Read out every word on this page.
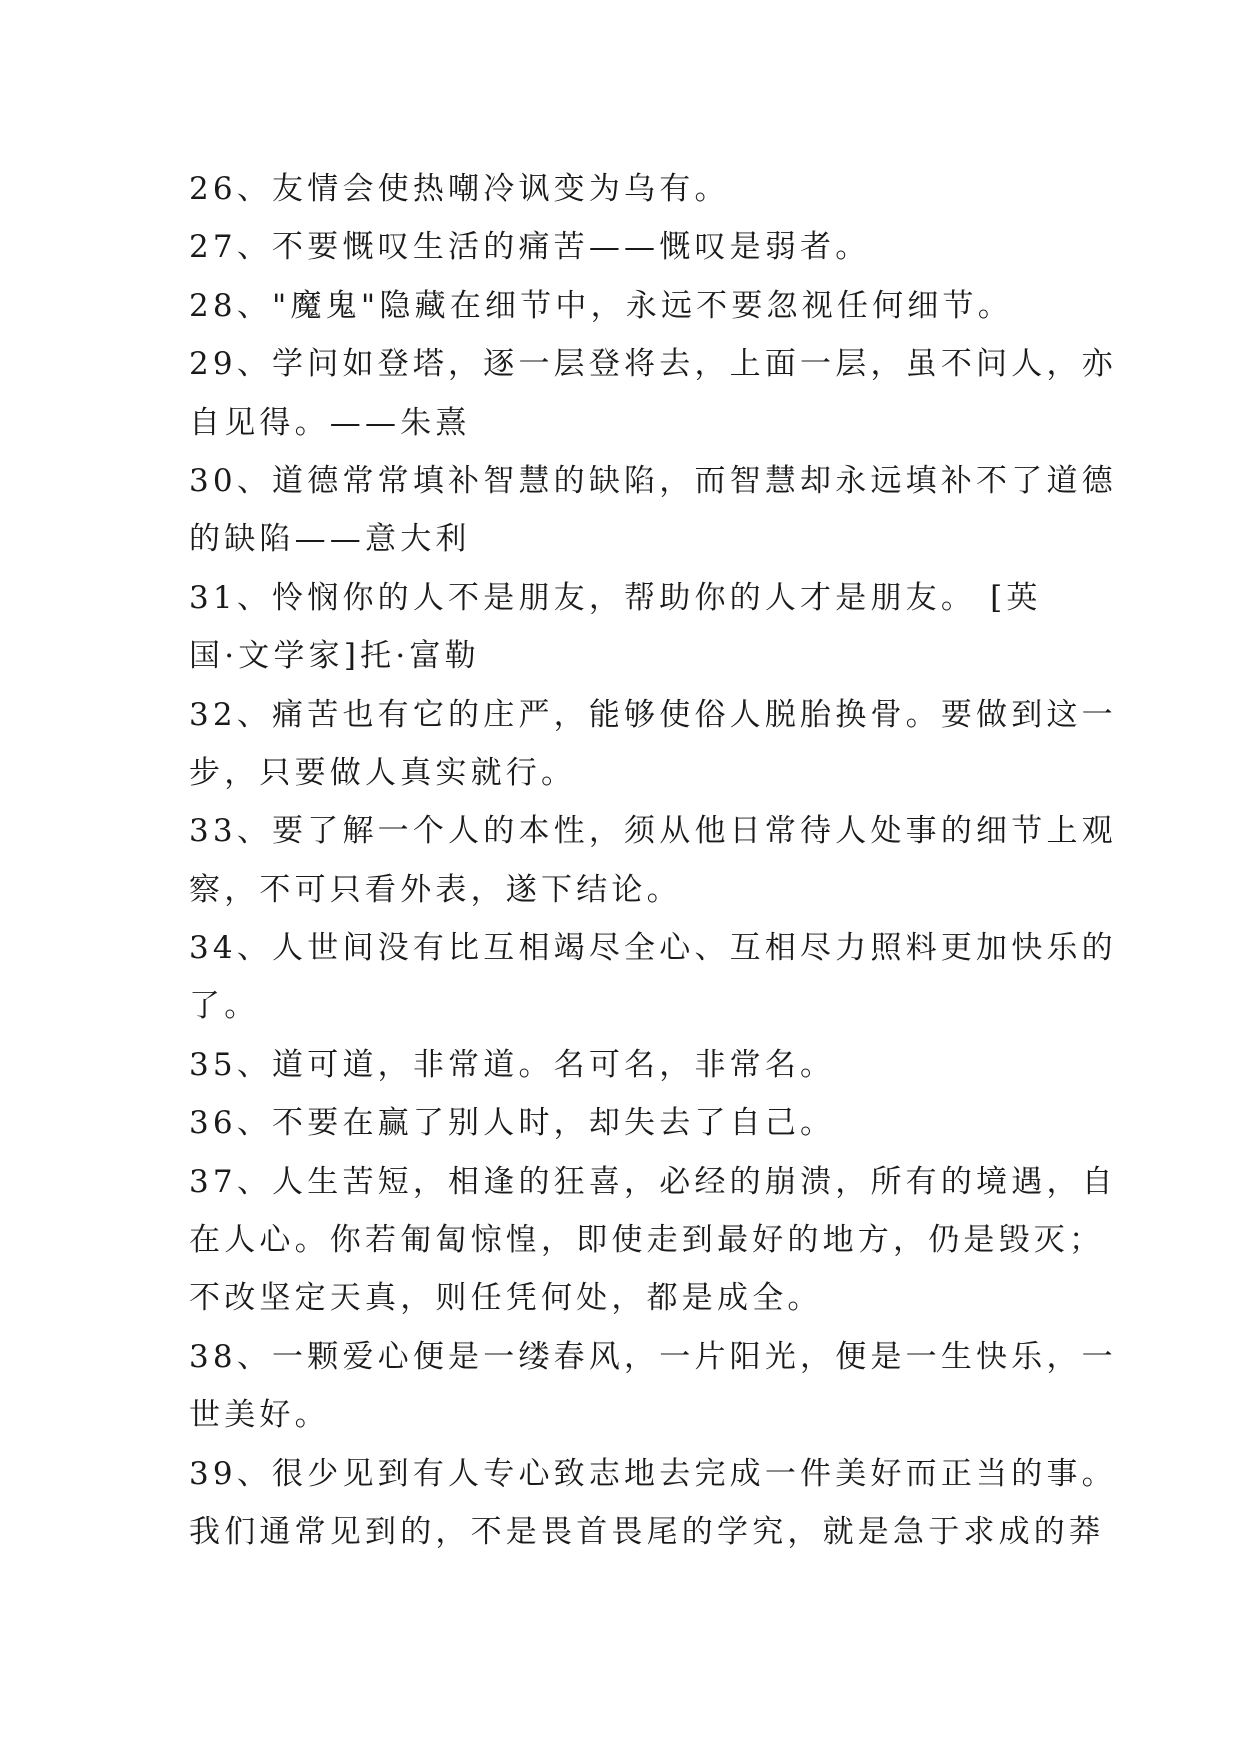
26、友情会使热嘲冷讽变为乌有。
27、不要慨叹生活的痛苦——慨叹是弱者。
28、"魔鬼"隐藏在细节中，永远不要忽视任何细节。
29、学问如登塔，逐一层登将去，上面一层，虽不问人，亦
自见得。——朱熹
30、道德常常填补智慧的缺陷，而智慧却永远填补不了道德
的缺陷——意大利
31、怜悯你的人不是朋友，帮助你的人才是朋友。 [英
国·文学家]托·富勒
32、痛苦也有它的庄严，能够使俗人脱胎换骨。要做到这一
步，只要做人真实就行。
33、要了解一个人的本性，须从他日常待人处事的细节上观
察，不可只看外表，遂下结论。
34、人世间没有比互相竭尽全心、互相尽力照料更加快乐的
了。
35、道可道，非常道。名可名，非常名。
36、不要在赢了别人时，却失去了自己。
37、人生苦短，相逢的狂喜，必经的崩溃，所有的境遇，自
在人心。你若匍匐惊惶，即使走到最好的地方，仍是毁灭；
不改坚定天真，则任凭何处，都是成全。
38、一颗爱心便是一缕春风，一片阳光，便是一生快乐，一
世美好。
39、很少见到有人专心致志地去完成一件美好而正当的事。
我们通常见到的，不是畏首畏尾的学究，就是急于求成的莽
